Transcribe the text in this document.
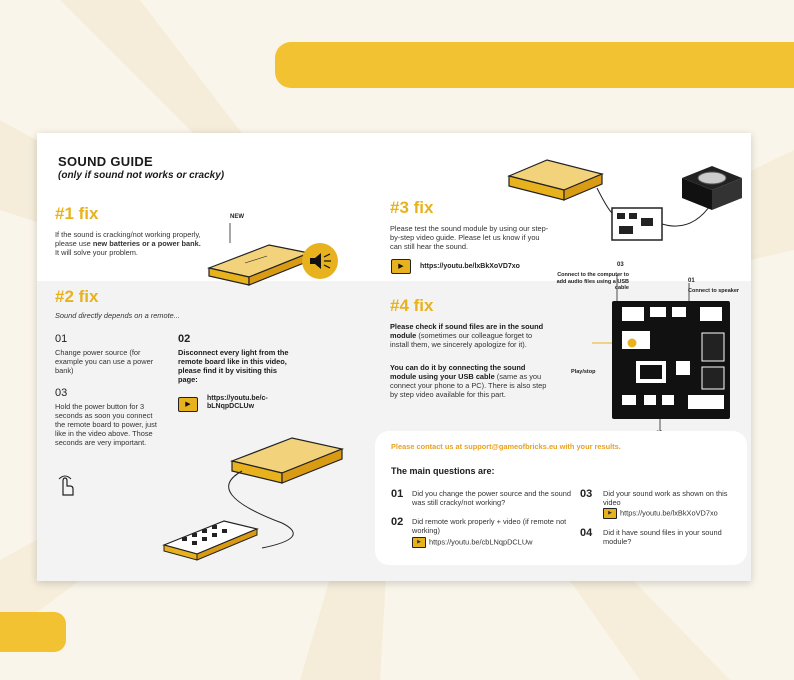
SOUND GUIDE
(only if sound not works or cracky)
#1 fix
If the sound is cracking/not working properly, please use new batteries or a power bank. It will solve your problem.
NEW
#2 fix
Sound directly depends on a remote...
01
Change power source (for example you can use a power bank)
02
Disconnect every light from the remote board like in this video, please find it by visiting this page:
▶
https://youtu.be/c-bLNqpDCLUw
03
Hold the power button for 3 seconds as soon you connect the remote board to power, just like in the video above. Those seconds are very important.
#3 fix
Please test the sound module by using our step-by-step video guide. Please let us know if you can still hear the sound.
▶ https://youtu.be/lxBkXoVD7xo
#4 fix
Please check if sound files are in the sound module (sometimes our colleague forget to install them, we sincerely apologize for it).
You can do it by connecting the sound module using your USB cable (same as you connect your phone to a PC). There is also step by step video available for this part.
03
Connect to the computer to add audio files using a USB cable
01
Connect to speaker
Play/stop
Please contact us at support@gameofbricks.eu with your results.
The main questions are:
01 Did you change the power source and the sound was still cracky/not working?
02 Did remote work properly + video (if remote not working)
▶ https://youtu.be/cbLNqpDCLUw
03 Did your sound work as shown on this video
▶ https://youtu.be/lxBkXoVD7xo
04 Did it have sound files in your sound module?
